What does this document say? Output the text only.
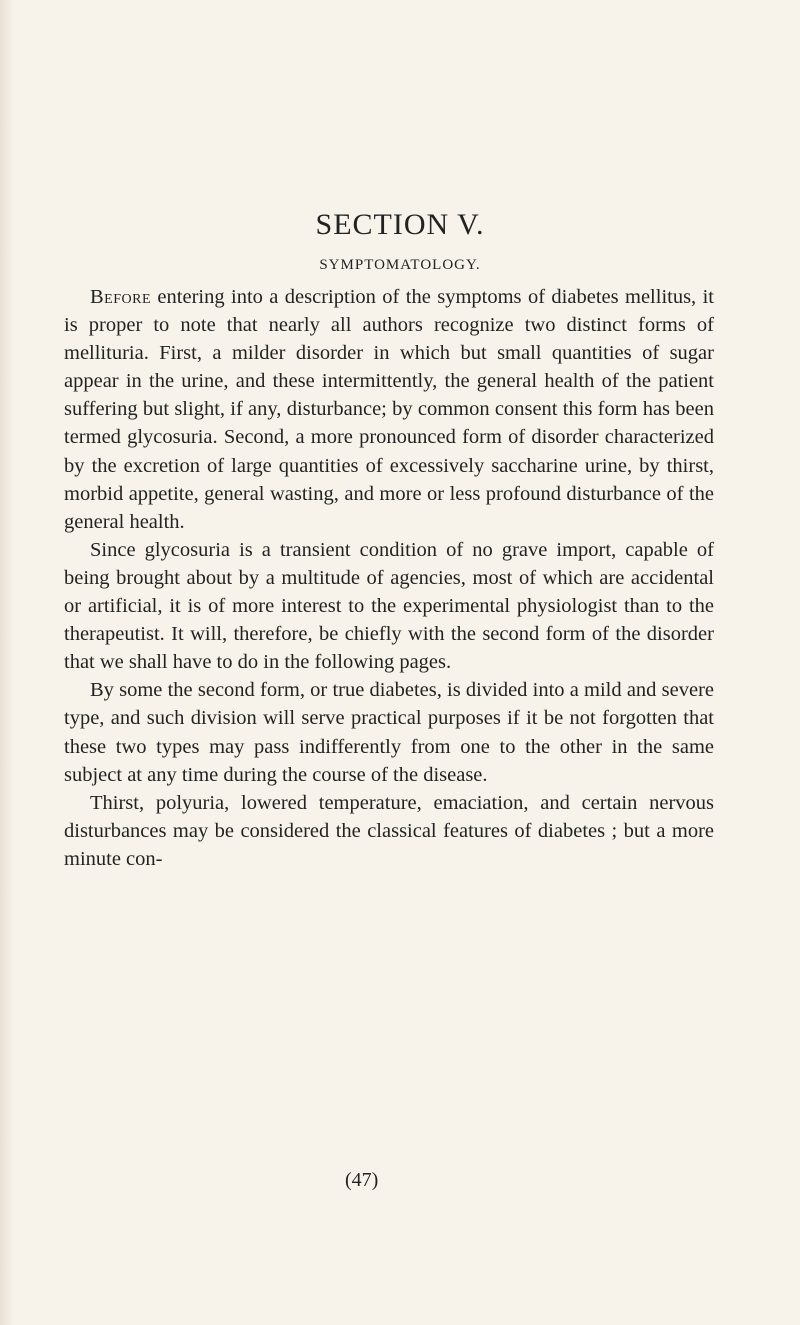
SECTION V.
SYMPTOMATOLOGY.

Before entering into a description of the symptoms of diabetes mellitus, it is proper to note that nearly all authors recognize two distinct forms of mellituria. First, a milder disorder in which but small quantities of sugar appear in the urine, and these intermittently, the general health of the patient suffering but slight, if any, disturbance; by common consent this form has been termed glycosuria. Second, a more pronounced form of disorder characterized by the excretion of large quantities of excessively saccharine urine, by thirst, morbid appetite, general wasting, and more or less profound disturbance of the general health.

Since glycosuria is a transient condition of no grave import, capable of being brought about by a multitude of agencies, most of which are accidental or artificial, it is of more interest to the experimental physiologist than to the therapeutist. It will, therefore, be chiefly with the second form of the disorder that we shall have to do in the following pages.

By some the second form, or true diabetes, is divided into a mild and severe type, and such division will serve practical purposes if it be not forgotten that these two types may pass indifferently from one to the other in the same subject at any time during the course of the disease.

Thirst, polyuria, lowered temperature, emaciation, and certain nervous disturbances may be considered the classical features of diabetes ; but a more minute con-

(47)
